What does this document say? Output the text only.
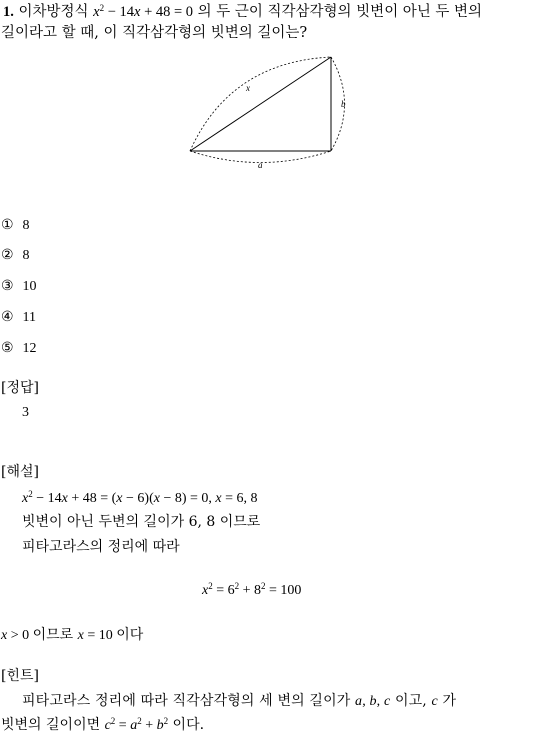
1. 이차방정식 $x^2 - 14x + 48 = 0$ 의 두 근이 직각삼각형의 빗변이 아닌 두 변의
길이라고 할 때, 이 직각삼각형의 빗변의 길이는?
x
b
a
① 8
② 8
③ 10
④ 11
⑤ 12
[정답]
3
[해설]
$x^2 - 14x + 48 = (x - 6)(x - 8) = 0$, x = 6, 8
빗변이 아닌 두변의 길이가 6, 8 이므로
피타고라스의 정리에 따라
$x^2 = 6^2 + 8^2 = 100$
x > 0 이므로 x = 10 이다
[힌트]
피타고라스 정리에 따라 직각삼각형의 세 변의 길이가 a, b, c 이고, c 가
빗변의 길이이면 $c^2 = a^2 + b^2$ 이다.
